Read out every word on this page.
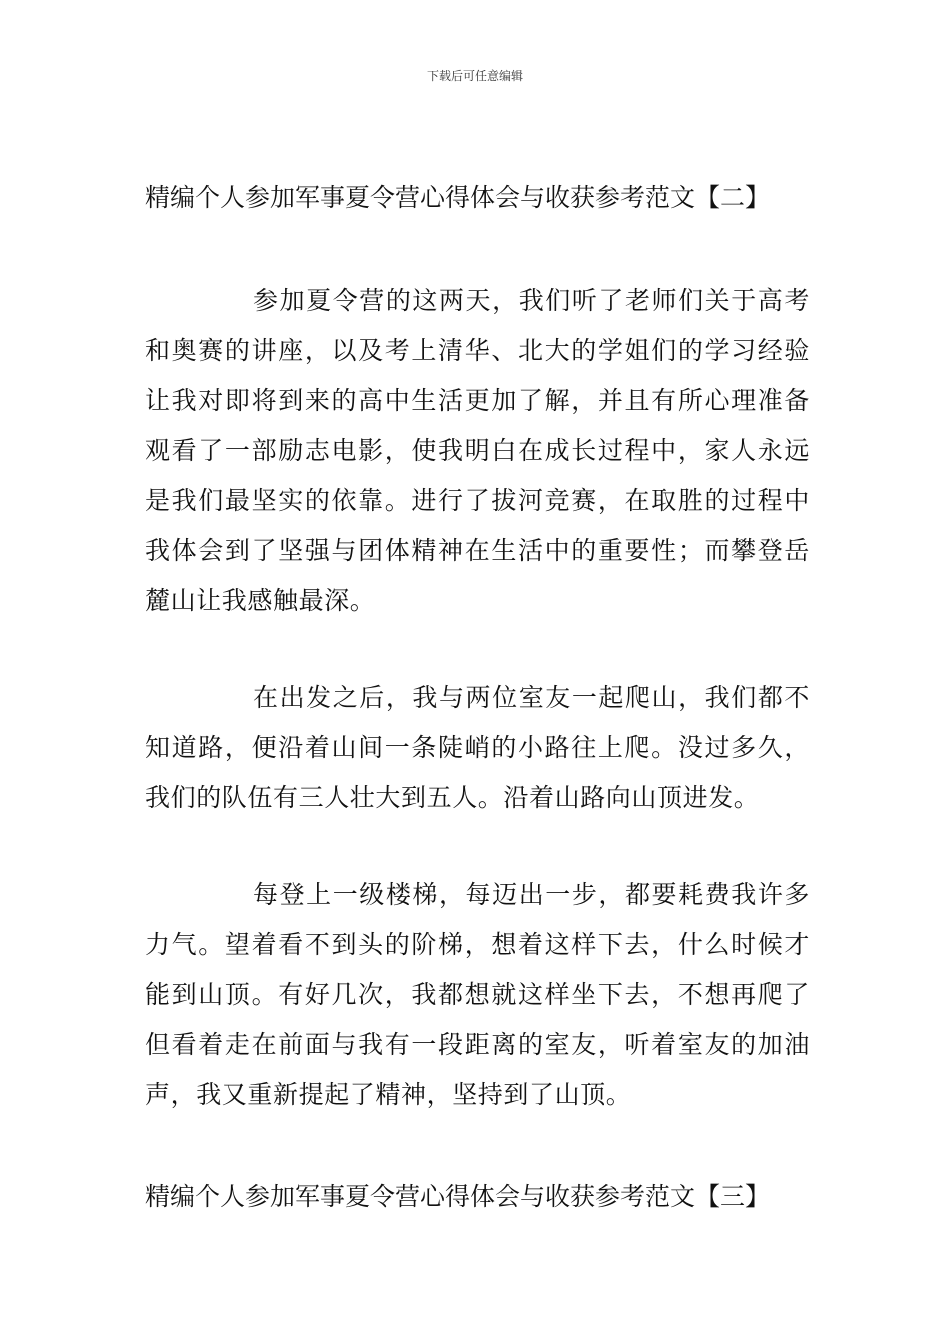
下载后可任意编辑
精编个人参加军事夏令营心得体会与收获参考范文【二】

参加夏令营的这两天，我们听了老师们关于高考和奥赛的讲座，以及考上清华、北大的学姐们的学习经验让我对即将到来的高中生活更加了解，并且有所心理准备观看了一部励志电影，使我明白在成长过程中，家人永远是我们最坚实的依靠。进行了拔河竞赛，在取胜的过程中我体会到了坚强与团体精神在生活中的重要性；而攀登岳麓山让我感触最深。

在出发之后，我与两位室友一起爬山，我们都不知道路，便沿着山间一条陡峭的小路往上爬。没过多久，我们的队伍有三人壮大到五人。沿着山路向山顶进发。

每登上一级楼梯，每迈出一步，都要耗费我许多力气。望着看不到头的阶梯，想着这样下去，什么时候才能到山顶。有好几次，我都想就这样坐下去，不想再爬了但看着走在前面与我有一段距离的室友，听着室友的加油声，我又重新提起了精神，坚持到了山顶。

精编个人参加军事夏令营心得体会与收获参考范文【三】
